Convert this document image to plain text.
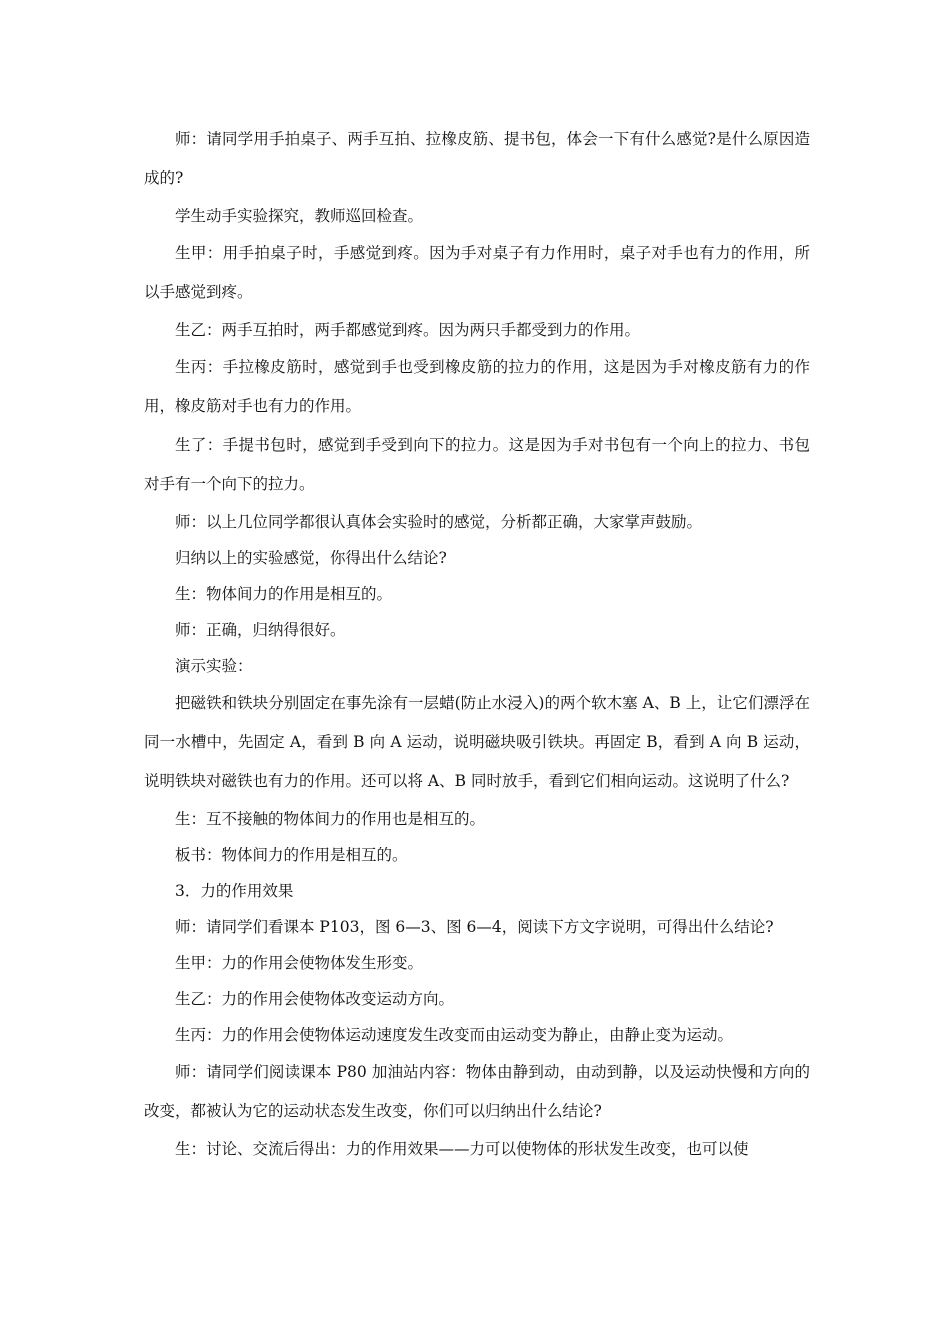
师：请同学用手拍桌子、两手互拍、拉橡皮筋、提书包，体会一下有什么感觉?是什么原因造成的?

学生动手实验探究，教师巡回检查。

生甲：用手拍桌子时，手感觉到疼。因为手对桌子有力作用时，桌子对手也有力的作用，所以手感觉到疼。

生乙：两手互拍时，两手都感觉到疼。因为两只手都受到力的作用。

生丙：手拉橡皮筋时，感觉到手也受到橡皮筋的拉力的作用，这是因为手对橡皮筋有力的作用，橡皮筋对手也有力的作用。

生了：手提书包时，感觉到手受到向下的拉力。这是因为手对书包有一个向上的拉力、书包对手有一个向下的拉力。

师：以上几位同学都很认真体会实验时的感觉，分析都正确，大家掌声鼓励。

归纳以上的实验感觉，你得出什么结论?

生：物体间力的作用是相互的。

师：正确，归纳得很好。

演示实验：

把磁铁和铁块分别固定在事先涂有一层蜡(防止水浸入)的两个软木塞 A、B 上，让它们漂浮在同一水槽中，先固定 A，看到 B 向 A 运动，说明磁块吸引铁块。再固定 B，看到 A 向 B 运动，说明铁块对磁铁也有力的作用。还可以将 A、B 同时放手，看到它们相向运动。这说明了什么?

生：互不接触的物体间力的作用也是相互的。

板书：物体间力的作用是相互的。

3．力的作用效果

师：请同学们看课本 P103，图 6—3、图 6—4，阅读下方文字说明，可得出什么结论?

生甲：力的作用会使物体发生形变。

生乙：力的作用会使物体改变运动方向。

生丙：力的作用会使物体运动速度发生改变而由运动变为静止，由静止变为运动。

师：请同学们阅读课本 P80 加油站内容：物体由静到动，由动到静，以及运动快慢和方向的改变，都被认为它的运动状态发生改变，你们可以归纳出什么结论?

生：讨论、交流后得出：力的作用效果——力可以使物体的形状发生改变，也可以使
